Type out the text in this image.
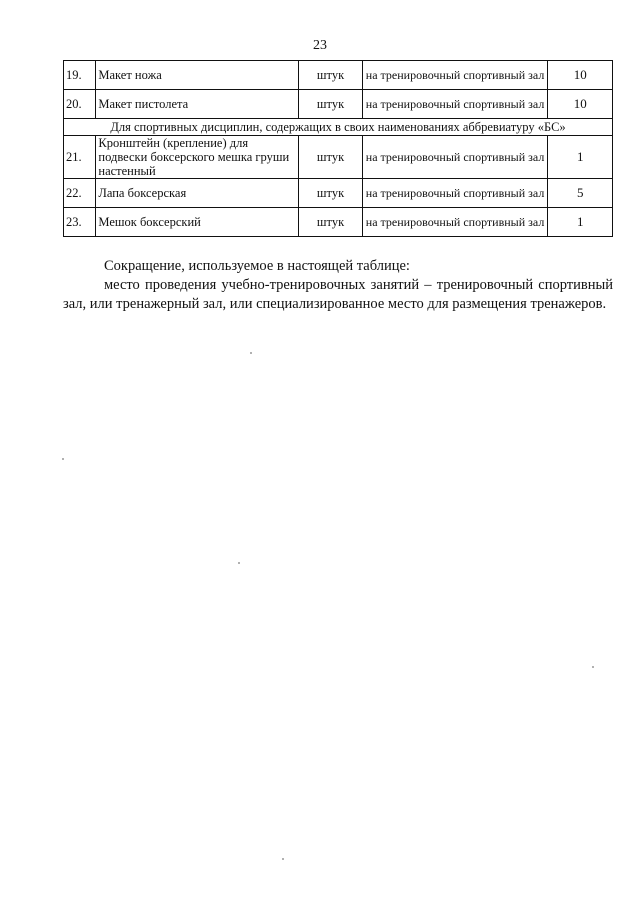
23
19.	Макет ножа	штук	на тренировочный спортивный зал	10
20.	Макет пистолета	штук	на тренировочный спортивный зал	10
Для спортивных дисциплин, содержащих в своих наименованиях аббревиатуру «БС»				
21.	Кронштейн (крепление) для подвески боксерского мешка груши настенный	штук	на тренировочный спортивный зал	1
22.	Лапа боксерская	штук	на тренировочный спортивный зал	5
23.	Мешок боксерский	штук	на тренировочный спортивный зал	1

Сокращение, используемое в настоящей таблице:

место проведения учебно-тренировочных занятий – тренировочный спортивный зал, или тренажерный зал, или специализированное место для размещения тренажеров.
